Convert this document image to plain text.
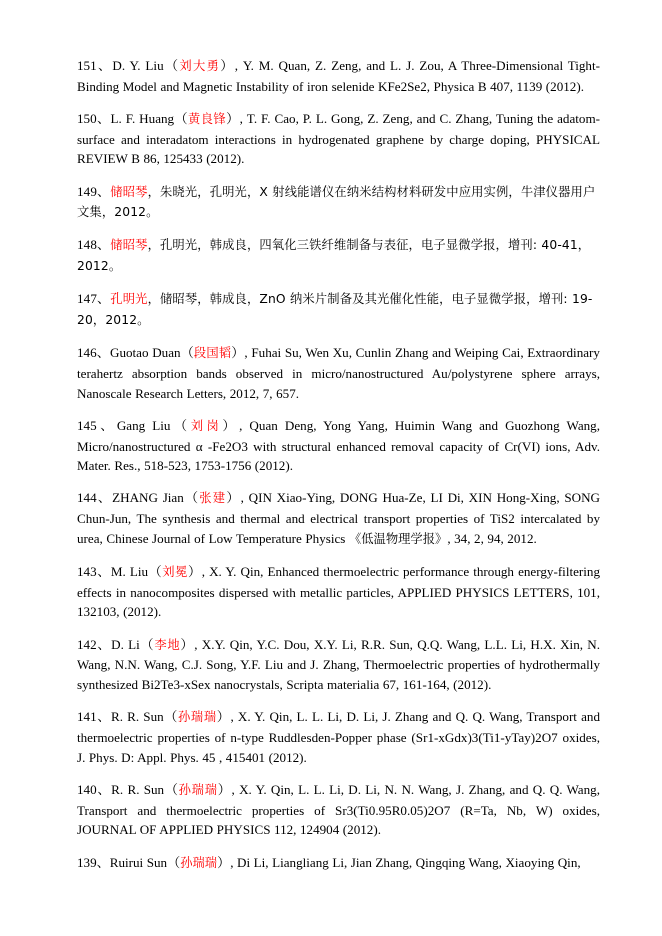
151、D. Y. Liu（刘大勇）, Y. M. Quan, Z. Zeng, and L. J. Zou, A Three-Dimensional Tight-Binding Model and Magnetic Instability of iron selenide KFe2Se2, Physica B 407, 1139 (2012).

150、L. F. Huang（黄良锋）, T. F. Cao, P. L. Gong, Z. Zeng, and C. Zhang, Tuning the adatom-surface and interadatom interactions in hydrogenated graphene by charge doping, PHYSICAL REVIEW B 86, 125433 (2012).

149、储昭琴，朱晓光，孔明光，X 射线能谱仪在纳米结构材料研发中应用实例，牛津仪器用户文集，2012。

148、储昭琴，孔明光，韩成良，四氧化三铁纤维制备与表征，电子显微学报，增刊: 40-41，2012。

147、孔明光，储昭琴，韩成良，ZnO 纳米片制备及其光催化性能，电子显微学报，增刊: 19-20，2012。

146、Guotao Duan（段国韬）, Fuhai Su, Wen Xu, Cunlin Zhang and Weiping Cai, Extraordinary terahertz absorption bands observed in micro/nanostructured Au/polystyrene sphere arrays, Nanoscale Research Letters, 2012, 7, 657.

145、Gang Liu（刘岗）, Quan Deng, Yong Yang, Huimin Wang and Guozhong Wang, Micro/nanostructured α -Fe2O3 with structural enhanced removal capacity of Cr(VI) ions, Adv. Mater. Res., 518-523, 1753-1756 (2012).

144、ZHANG Jian（张建）, QIN Xiao-Ying, DONG Hua-Ze, LI Di, XIN Hong-Xing, SONG Chun-Jun, The synthesis and thermal and electrical transport properties of TiS2 intercalated by urea, Chinese Journal of Low Temperature Physics 《低温物理学报》, 34, 2, 94, 2012.

143、M. Liu（刘冕）, X. Y. Qin, Enhanced thermoelectric performance through energy-filtering effects in nanocomposites dispersed with metallic particles, APPLIED PHYSICS LETTERS, 101, 132103, (2012).

142、D. Li（李地）, X.Y. Qin, Y.C. Dou, X.Y. Li, R.R. Sun, Q.Q. Wang, L.L. Li, H.X. Xin, N. Wang, N.N. Wang, C.J. Song, Y.F. Liu and J. Zhang, Thermoelectric properties of hydrothermally synthesized Bi2Te3-xSex nanocrystals, Scripta materialia 67, 161-164, (2012).

141、R. R. Sun（孙瑞瑞）, X. Y. Qin, L. L. Li, D. Li, J. Zhang and Q. Q. Wang, Transport and thermoelectric properties of n-type Ruddlesden-Popper phase (Sr1-xGdx)3(Ti1-yTay)2O7 oxides, J. Phys. D: Appl. Phys. 45 , 415401 (2012).

140、R. R. Sun（孙瑞瑞）, X. Y. Qin, L. L. Li, D. Li, N. N. Wang, J. Zhang, and Q. Q. Wang, Transport and thermoelectric properties of Sr3(Ti0.95R0.05)2O7 (R=Ta, Nb, W) oxides, JOURNAL OF APPLIED PHYSICS 112, 124904 (2012).

139、Ruirui Sun（孙瑞瑞）, Di Li, Liangliang Li, Jian Zhang, Qingqing Wang, Xiaoying Qin,
